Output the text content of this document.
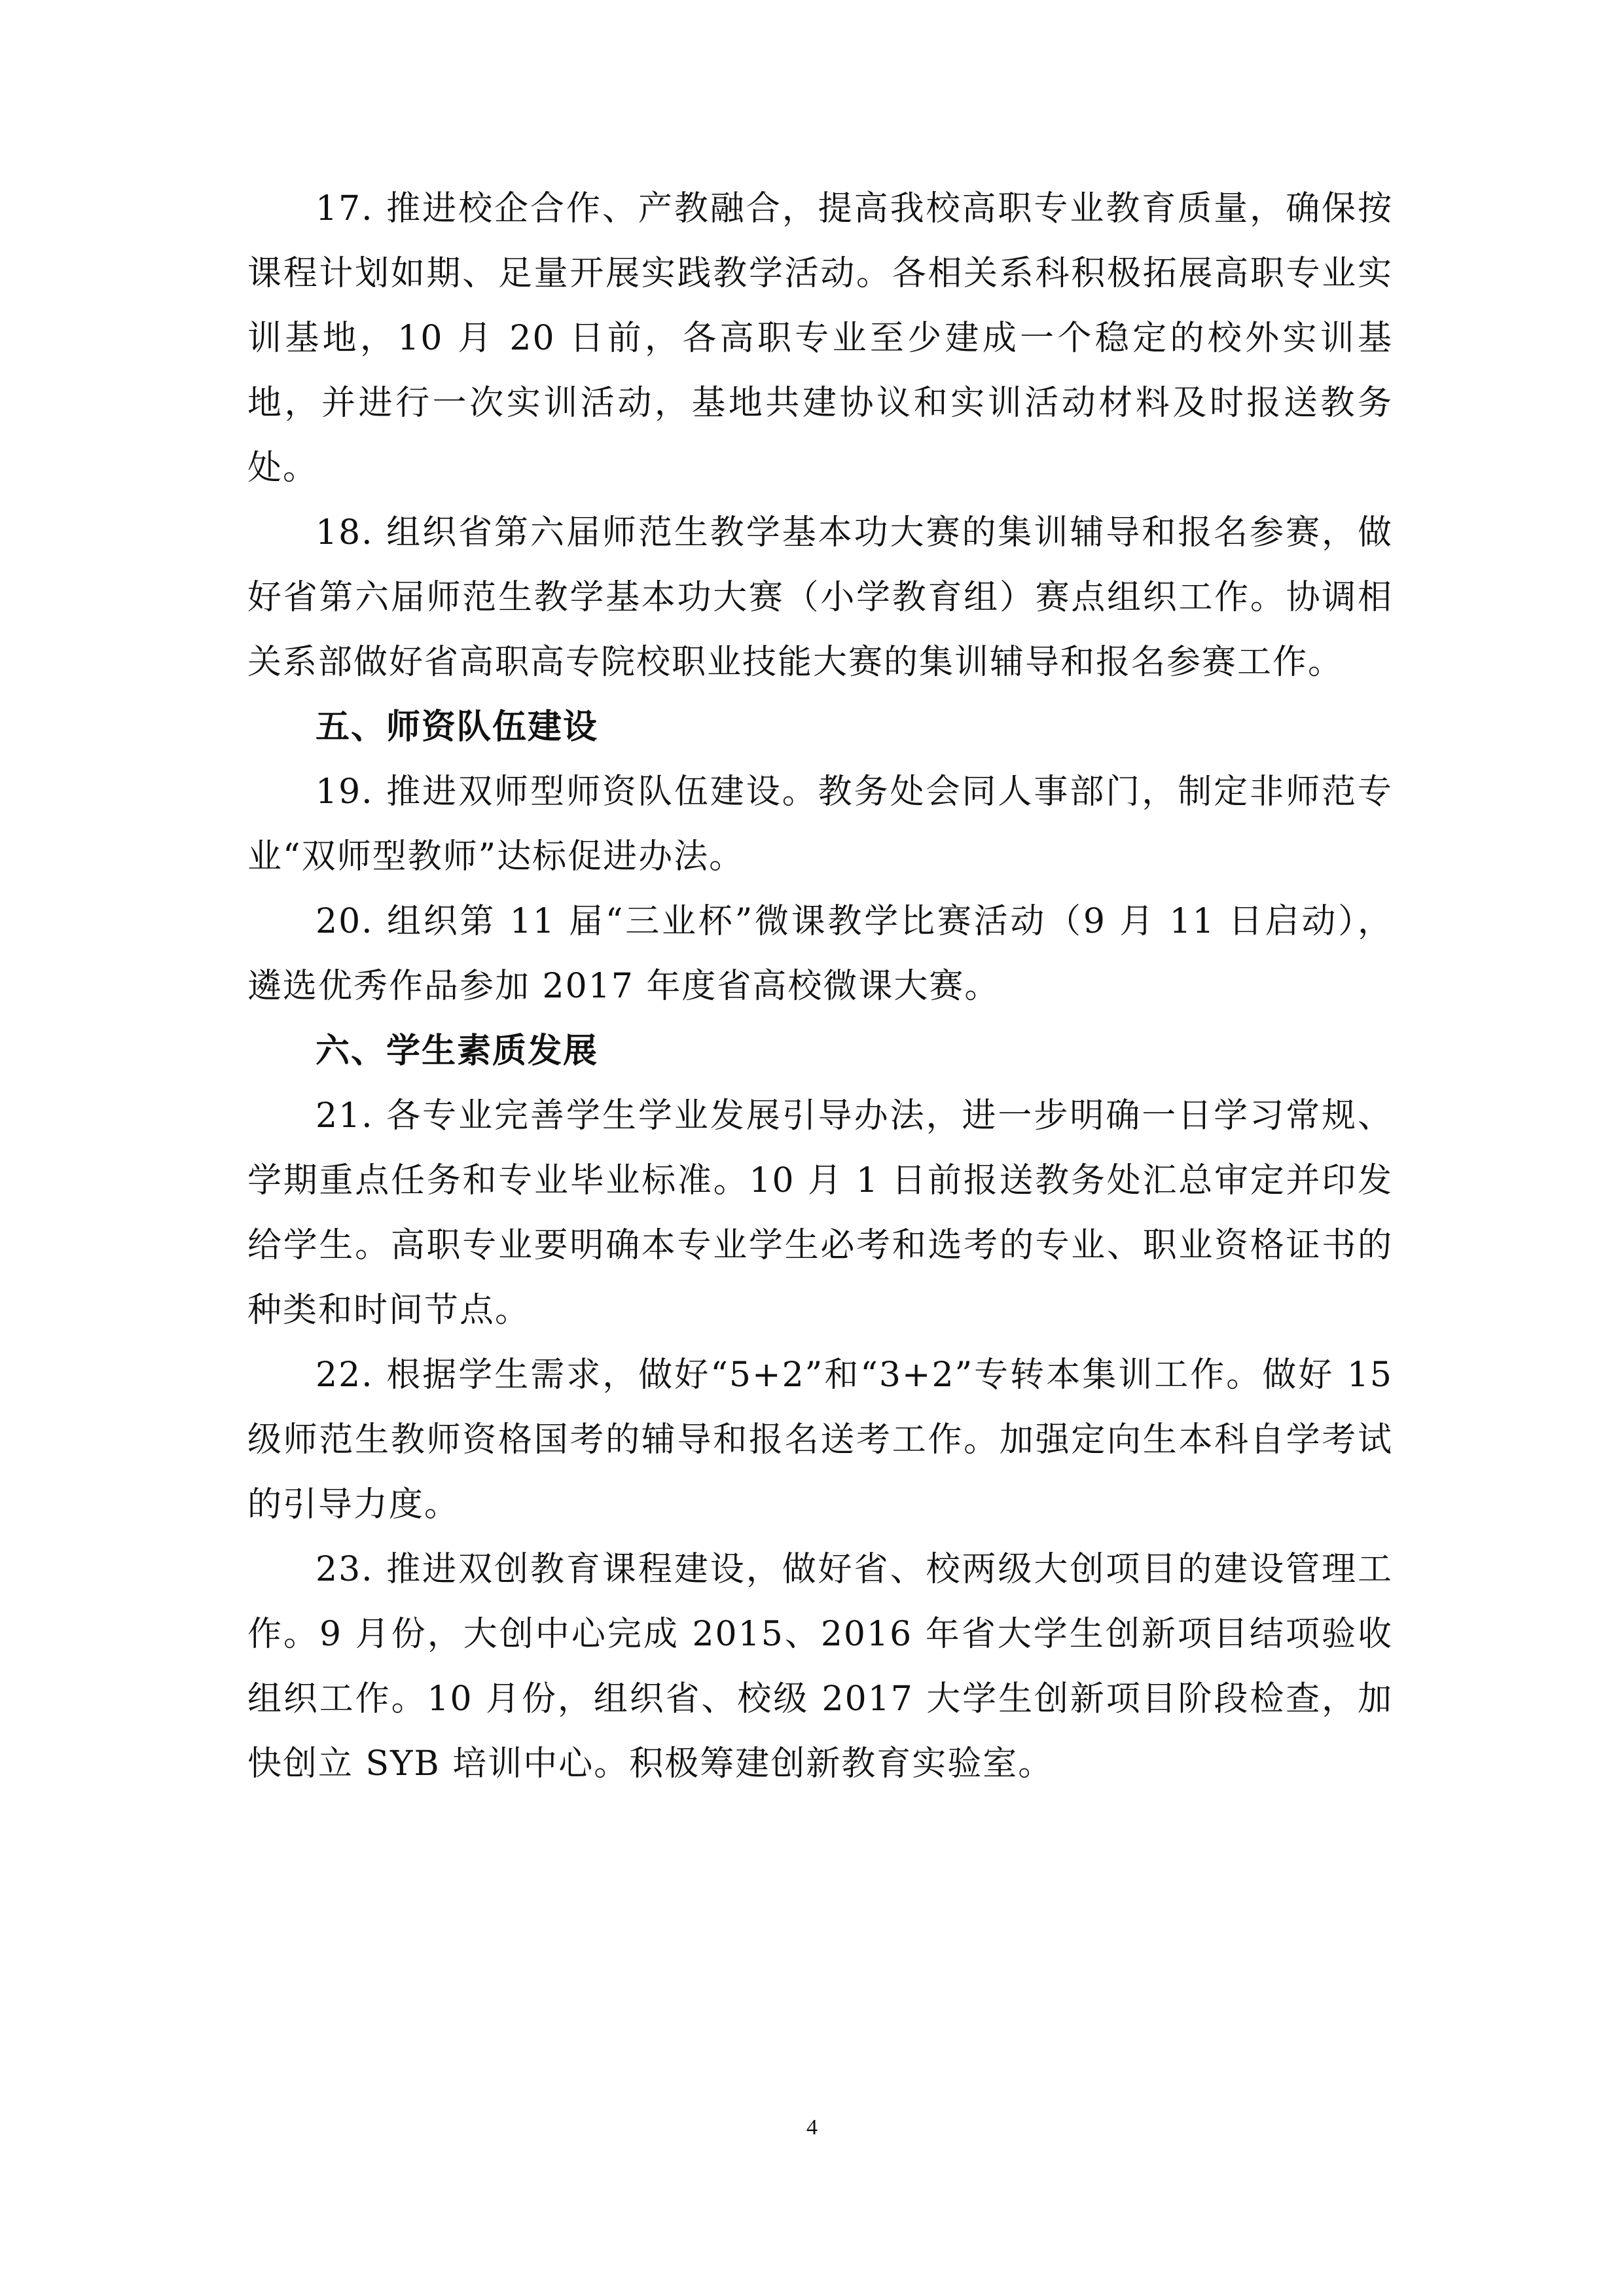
17. 推进校企合作、产教融合，提高我校高职专业教育质量，确保按课程计划如期、足量开展实践教学活动。各相关系科积极拓展高职专业实训基地，10 月 20 日前，各高职专业至少建成一个稳定的校外实训基地，并进行一次实训活动，基地共建协议和实训活动材料及时报送教务处。

18. 组织省第六届师范生教学基本功大赛的集训辅导和报名参赛，做好省第六届师范生教学基本功大赛（小学教育组）赛点组织工作。协调相关系部做好省高职高专院校职业技能大赛的集训辅导和报名参赛工作。

五、师资队伍建设

19. 推进双师型师资队伍建设。教务处会同人事部门，制定非师范专业“双师型教师”达标促进办法。

20. 组织第 11 届“三业杯”微课教学比赛活动（9 月 11 日启动），遴选优秀作品参加 2017 年度省高校微课大赛。

六、学生素质发展

21. 各专业完善学生学业发展引导办法，进一步明确一日学习常规、学期重点任务和专业毕业标准。10 月 1 日前报送教务处汇总审定并印发给学生。高职专业要明确本专业学生必考和选考的专业、职业资格证书的种类和时间节点。

22. 根据学生需求，做好“5+2”和“3+2”专转本集训工作。做好 15 级师范生教师资格国考的辅导和报名送考工作。加强定向生本科自学考试的引导力度。

23. 推进双创教育课程建设，做好省、校两级大创项目的建设管理工作。9 月份，大创中心完成 2015、2016 年省大学生创新项目结项验收组织工作。10 月份，组织省、校级 2017 大学生创新项目阶段检查，加快创立 SYB 培训中心。积极筹建创新教育实验室。

4
